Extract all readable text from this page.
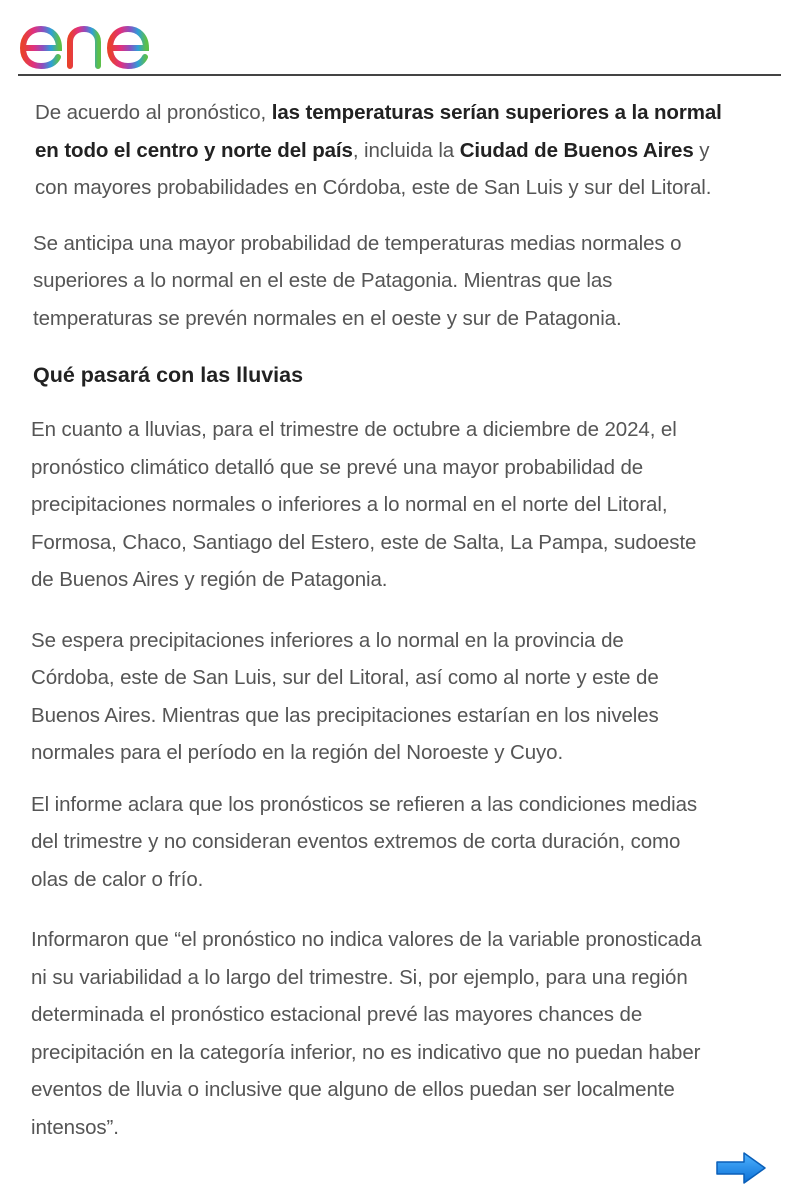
De acuerdo al pronóstico, las temperaturas serían superiores a la normal
en todo el centro y norte del país, incluida la Ciudad de Buenos Aires y
con mayores probabilidades en Córdoba, este de San Luis y sur del Litoral.

Se anticipa una mayor probabilidad de temperaturas medias normales o
superiores a lo normal en el este de Patagonia. Mientras que las
temperaturas se prevén normales en el oeste y sur de Patagonia.

Qué pasará con las lluvias

En cuanto a lluvias, para el trimestre de octubre a diciembre de 2024, el
pronóstico climático detalló que se prevé una mayor probabilidad de
precipitaciones normales o inferiores a lo normal en el norte del Litoral,
Formosa, Chaco, Santiago del Estero, este de Salta, La Pampa, sudoeste
de Buenos Aires y región de Patagonia.

Se espera precipitaciones inferiores a lo normal en la provincia de
Córdoba, este de San Luis, sur del Litoral, así como al norte y este de
Buenos Aires. Mientras que las precipitaciones estarían en los niveles
normales para el período en la región del Noroeste y Cuyo.

El informe aclara que los pronósticos se refieren a las condiciones medias
del trimestre y no consideran eventos extremos de corta duración, como
olas de calor o frío.

Informaron que “el pronóstico no indica valores de la variable pronosticada
ni su variabilidad a lo largo del trimestre. Si, por ejemplo, para una región
determinada el pronóstico estacional prevé las mayores chances de
precipitación en la categoría inferior, no es indicativo que no puedan haber
eventos de lluvia o inclusive que alguno de ellos puedan ser localmente
intensos”.
